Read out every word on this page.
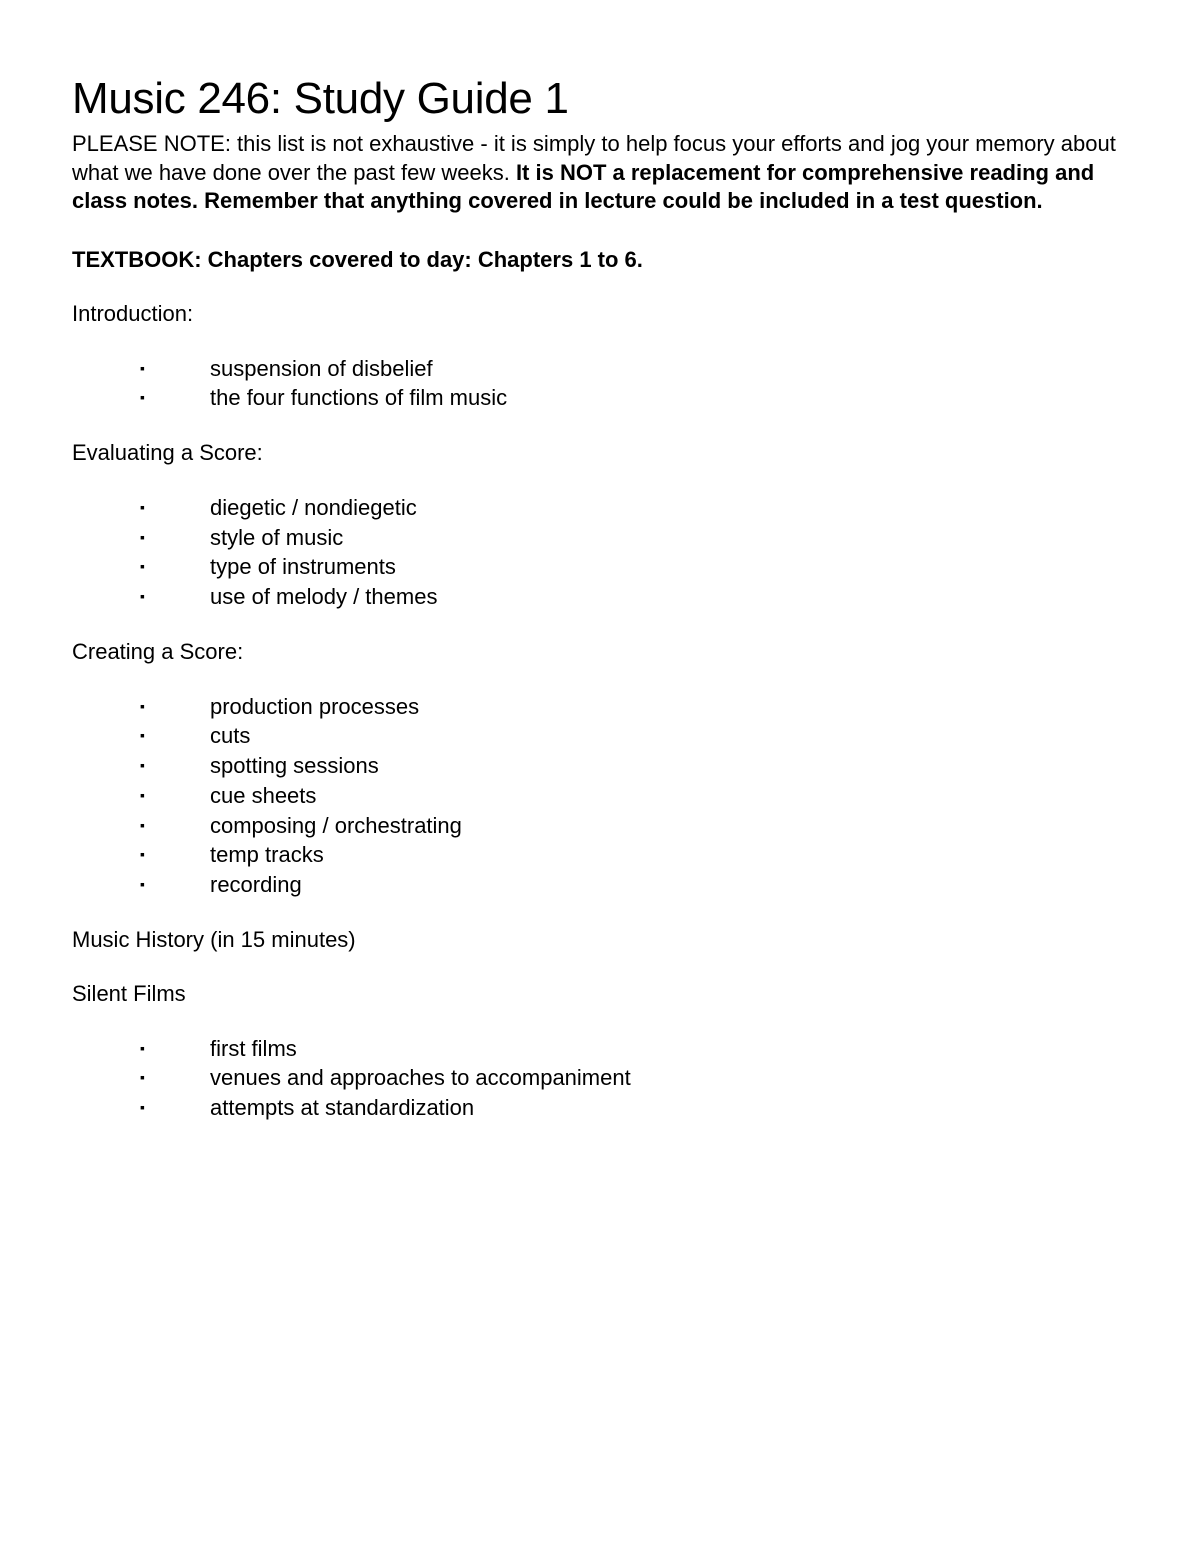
Music 246: Study Guide 1

PLEASE NOTE: this list is not exhaustive - it is simply to help focus your efforts and jog your memory about what we have done over the past few weeks. It is NOT a replacement for comprehensive reading and class notes. Remember that anything covered in lecture could be included in a test question.

TEXTBOOK: Chapters covered to day: Chapters 1 to 6.

Introduction:

▪	suspension of disbelief
▪	the four functions of film music

Evaluating a Score:

▪	diegetic / nondiegetic
▪	style of music
▪	type of instruments
▪	use of melody / themes

Creating a Score:

▪	production processes
▪	cuts
▪	spotting sessions
▪	cue sheets
▪	composing / orchestrating
▪	temp tracks
▪	recording

Music History (in 15 minutes)

Silent Films

▪	first films
▪	venues and approaches to accompaniment
▪	attempts at standardization
